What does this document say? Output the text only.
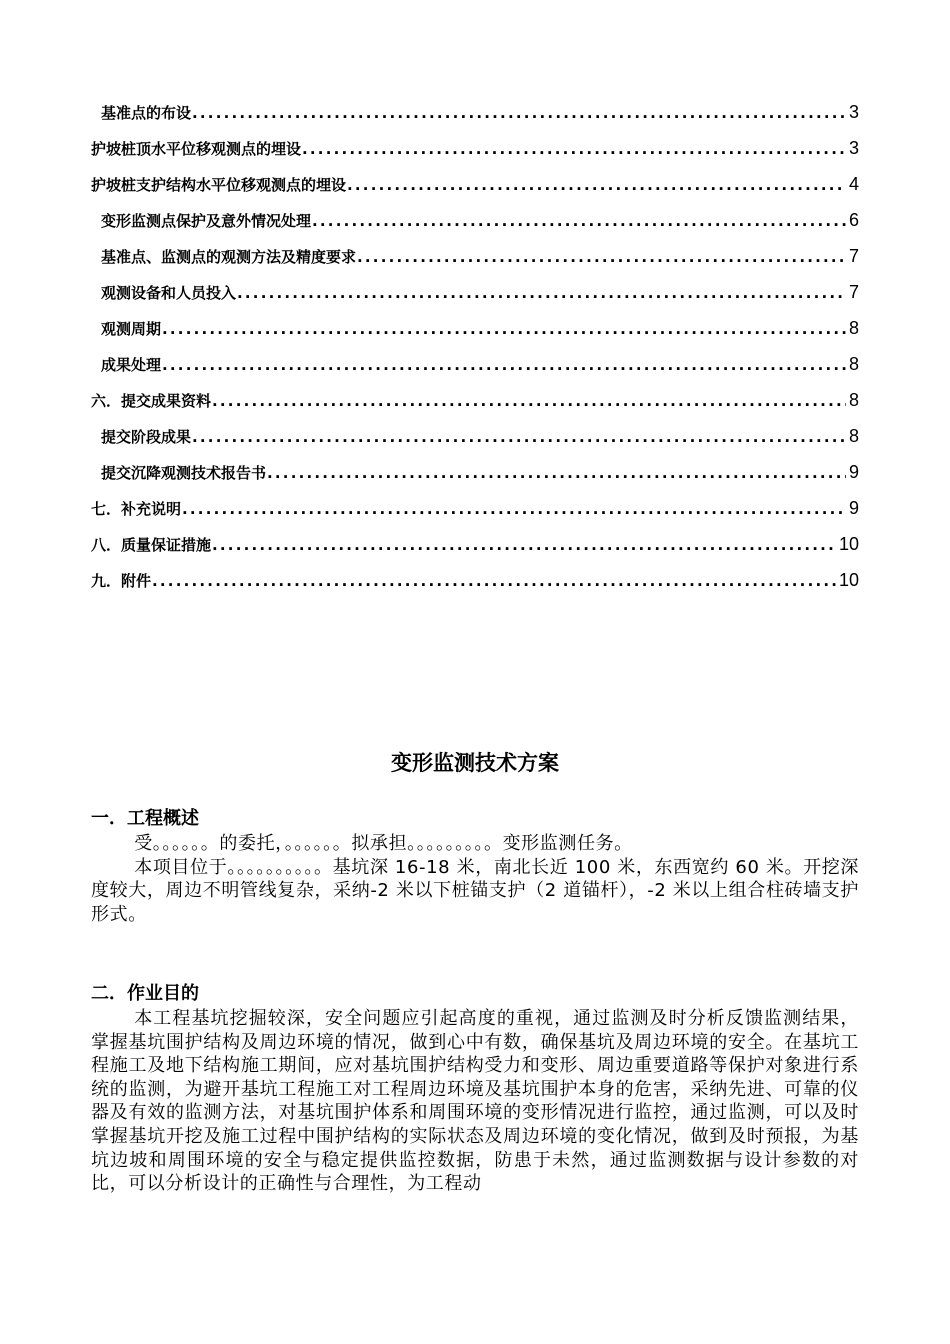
基准点的布设 .....	3
护坡桩顶水平位移观测点的埋设 .....	3
护坡桩支护结构水平位移观测点的埋设 .....	4
变形监测点保护及意外情况处理 .....	6
基准点、监测点的观测方法及精度要求 .....	7
观测设备和人员投入 .....	7
观测周期 .....	8
成果处理 .....	8
六．提交成果资料 .....	8
提交阶段成果 .....	8
提交沉降观测技术报告书 .....	9
七．补充说明 .....	9
八．质量保证措施 .....	10
九．附件 .....	10
变形监测技术方案
一．工程概述

受。。。。。。的委托，。。。。。。拟承担。。。。。。。。。变形监测任务。

本项目位于。。。。。。。。。。基坑深 16-18 米，南北长近 100 米，东西宽约 60 米。开挖深度较大，周边不明管线复杂，采纳-2 米以下桩锚支护（2 道锚杆），-2 米以上组合柱砖墙支护形式。

二．作业目的

本工程基坑挖掘较深，安全问题应引起高度的重视，通过监测及时分析反馈监测结果，掌握基坑围护结构及周边环境的情况，做到心中有数，确保基坑及周边环境的安全。在基坑工程施工及地下结构施工期间，应对基坑围护结构受力和变形、周边重要道路等保护对象进行系统的监测，为避开基坑工程施工对工程周边环境及基坑围护本身的危害，采纳先进、可靠的仪器及有效的监测方法，对基坑围护体系和周围环境的变形情况进行监控，通过监测，可以及时掌握基坑开挖及施工过程中围护结构的实际状态及周边环境的变化情况，做到及时预报，为基坑边坡和周围环境的安全与稳定提供监控数据，防患于未然，通过监测数据与设计参数的对比，可以分析设计的正确性与合理性，为工程动
